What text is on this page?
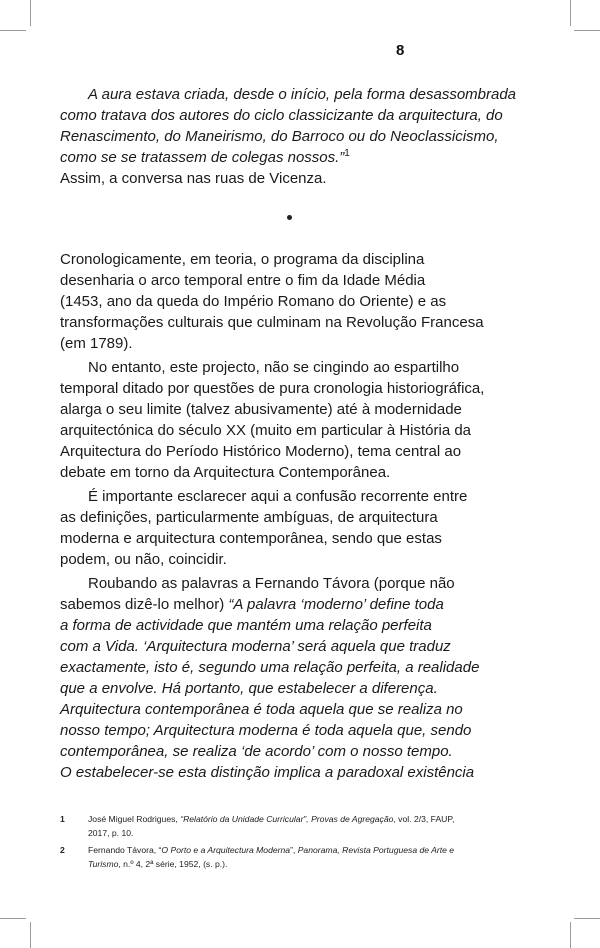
8
A aura estava criada, desde o início, pela forma desassombrada
como tratava dos autores do ciclo classicizante da arquitectura, do
Renascimento, do Maneirismo, do Barroco ou do Neoclassicismo,
como se se tratassem de colegas nossos.”$^1$
Assim, a conversa nas ruas de Vicenza.
Cronologicamente, em teoria, o programa da disciplina
desenharia o arco temporal entre o fim da Idade Média
(1453, ano da queda do Império Romano do Oriente) e as
transformações culturais que culminam na Revolução Francesa
(em 1789).
No entanto, este projecto, não se cingindo ao espartilho
temporal ditado por questões de pura cronologia historiográfica,
alarga o seu limite (talvez abusivamente) até à modernidade
arquitectónica do século XX (muito em particular à História da
Arquitectura do Período Histórico Moderno), tema central ao
debate em torno da Arquitectura Contemporânea.
É importante esclarecer aqui a confusão recorrente entre
as definições, particularmente ambíguas, de arquitectura
moderna e arquitectura contemporânea, sendo que estas
podem, ou não, coincidir.
Roubando as palavras a Fernando Távora (porque não
sabemos dizê-lo melhor) “A palavra ‘moderno’ define toda
a forma de actividade que mantém uma relação perfeita
com a Vida. ‘Arquitectura moderna’ será aquela que traduz
exactamente, isto é, segundo uma relação perfeita, a realidade
que a envolve. Há portanto, que estabelecer a diferença.
Arquitectura contemporânea é toda aquela que se realiza no
nosso tempo; Arquitectura moderna é toda aquela que, sendo
contemporânea, se realiza ‘de acordo’ com o nosso tempo.
O estabelecer-se esta distinção implica a paradoxal existência
1	José Miguel Rodrigues, “Relatório da Unidade Curricular”, Provas de Agregação, vol. 2/3, FAUP,
2017, p. 10.
2	Fernando Távora, “O Porto e a Arquitectura Moderna”, Panorama, Revista Portuguesa de Arte e
Turismo, n.º 4, 2ª série, 1952, (s. p.).
